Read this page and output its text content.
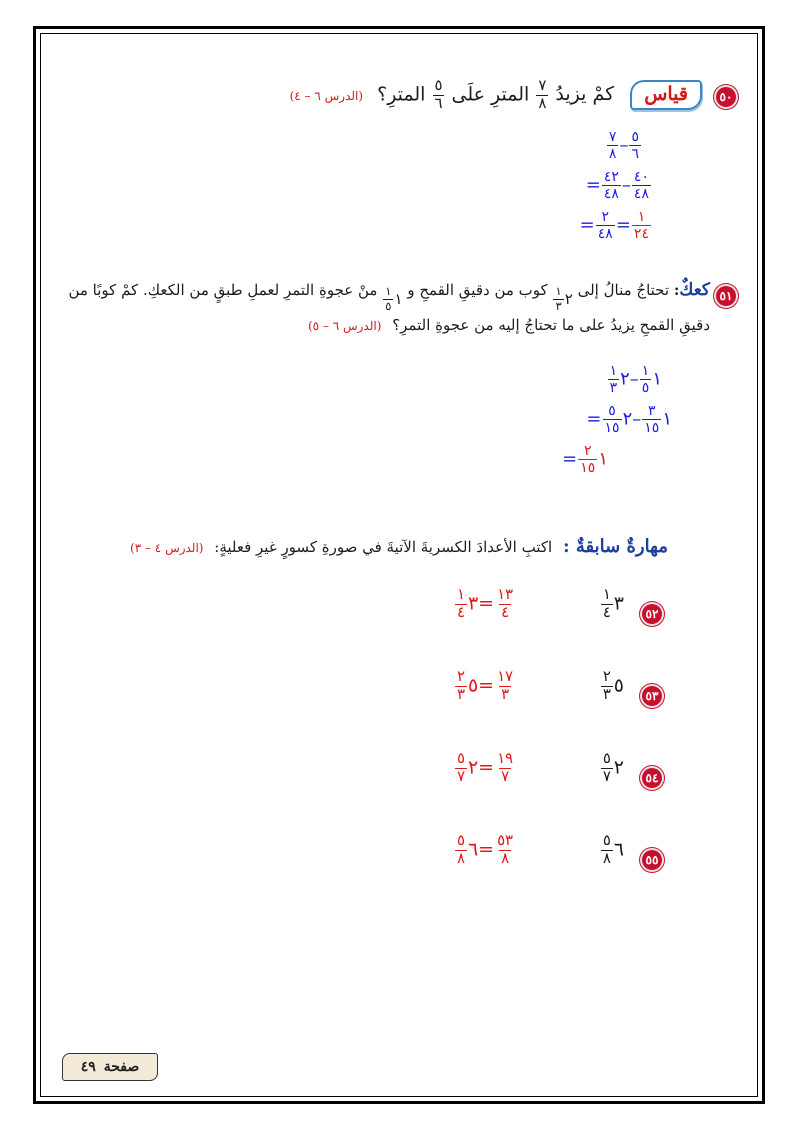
٥٠
قياس كمْ يزيدُ
$\frac{٧}{٨}$
المترِ علَى
$\frac{٥}{٦}$
المترِ؟ (الدرس ٦ – ٤)
$\frac{٥}{٦}$
–
$\frac{٧}{٨}$
$\frac{٤٠}{٤٨}$
–
$\frac{٤٢}{٤٨}$
=
$\frac{١}{٢٤}$
=
$\frac{٢}{٤٨}$
=
٥١
كعكٌ: تحتاجُ منالُ إلى
$\frac{١}{٣}$ ٢
كوب من دقيقِ القمحِ و
$\frac{١}{٥}$ ١
منْ عجوةِ التمرِ لعملِ طبقٍ من الكعكِ. كمْ كوبًا من
دقيقِ القمحِ يزيدُ على ما تحتاجُ إليه من عجوةِ التمرِ؟ (الدرس ٦ – ٥)
١
$\frac{١}{٥}$
–٢
$\frac{١}{٣}$
١
$\frac{٣}{١٥}$
–٢
$\frac{٥}{١٥}$
=
١
$\frac{٢}{١٥}$
=
مهارةٌ سابقةٌ : اكتبِ الأعدادَ الكسريةَ الآتيةَ في صورةِ كسورٍ غيرِ فعليةٍ: (الدرس ٤ – ٣)
٥٢
٣
$\frac{١}{٤}$
$\frac{١٣}{٤}$
=٣
$\frac{١}{٤}$
٥٣
٥
$\frac{٢}{٣}$
$\frac{١٧}{٣}$
=٥
$\frac{٢}{٣}$
٥٤
٢
$\frac{٥}{٧}$
$\frac{١٩}{٧}$
=٢
$\frac{٥}{٧}$
٥٥
٦
$\frac{٥}{٨}$
$\frac{٥٣}{٨}$
=٦
$\frac{٥}{٨}$
صفحة
٤٩
